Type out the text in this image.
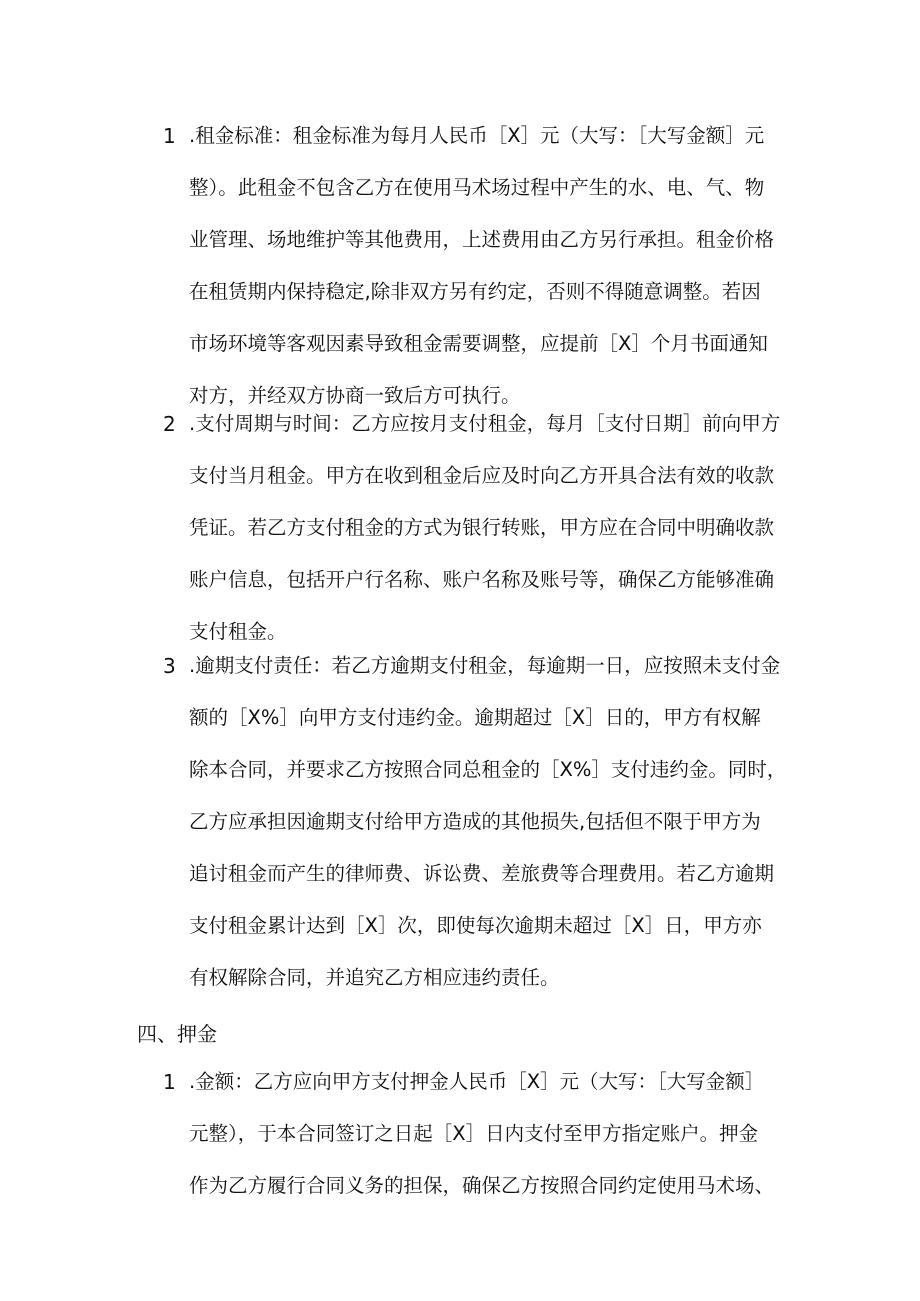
1 .租金标准：租金标准为每月人民币［X］元（大写：［大写金额］元
整）。此租金不包含乙方在使用马术场过程中产生的水、电、气、物
业管理、场地维护等其他费用，上述费用由乙方另行承担。租金价格
在租赁期内保持稳定,除非双方另有约定，否则不得随意调整。若因
市场环境等客观因素导致租金需要调整，应提前［X］个月书面通知
对方，并经双方协商一致后方可执行。
2 .支付周期与时间：乙方应按月支付租金，每月［支付日期］前向甲方
支付当月租金。甲方在收到租金后应及时向乙方开具合法有效的收款
凭证。若乙方支付租金的方式为银行转账，甲方应在合同中明确收款
账户信息，包括开户行名称、账户名称及账号等，确保乙方能够准确
支付租金。
3 .逾期支付责任：若乙方逾期支付租金，每逾期一日，应按照未支付金
额的［X%］向甲方支付违约金。逾期超过［X］日的，甲方有权解
除本合同，并要求乙方按照合同总租金的［X%］支付违约金。同时，
乙方应承担因逾期支付给甲方造成的其他损失,包括但不限于甲方为
追讨租金而产生的律师费、诉讼费、差旅费等合理费用。若乙方逾期
支付租金累计达到［X］次，即使每次逾期未超过［X］日，甲方亦
有权解除合同，并追究乙方相应违约责任。
四、押金
1 .金额：乙方应向甲方支付押金人民币［X］元（大写：［大写金额］
元整），于本合同签订之日起［X］日内支付至甲方指定账户。押金
作为乙方履行合同义务的担保，确保乙方按照合同约定使用马术场、
